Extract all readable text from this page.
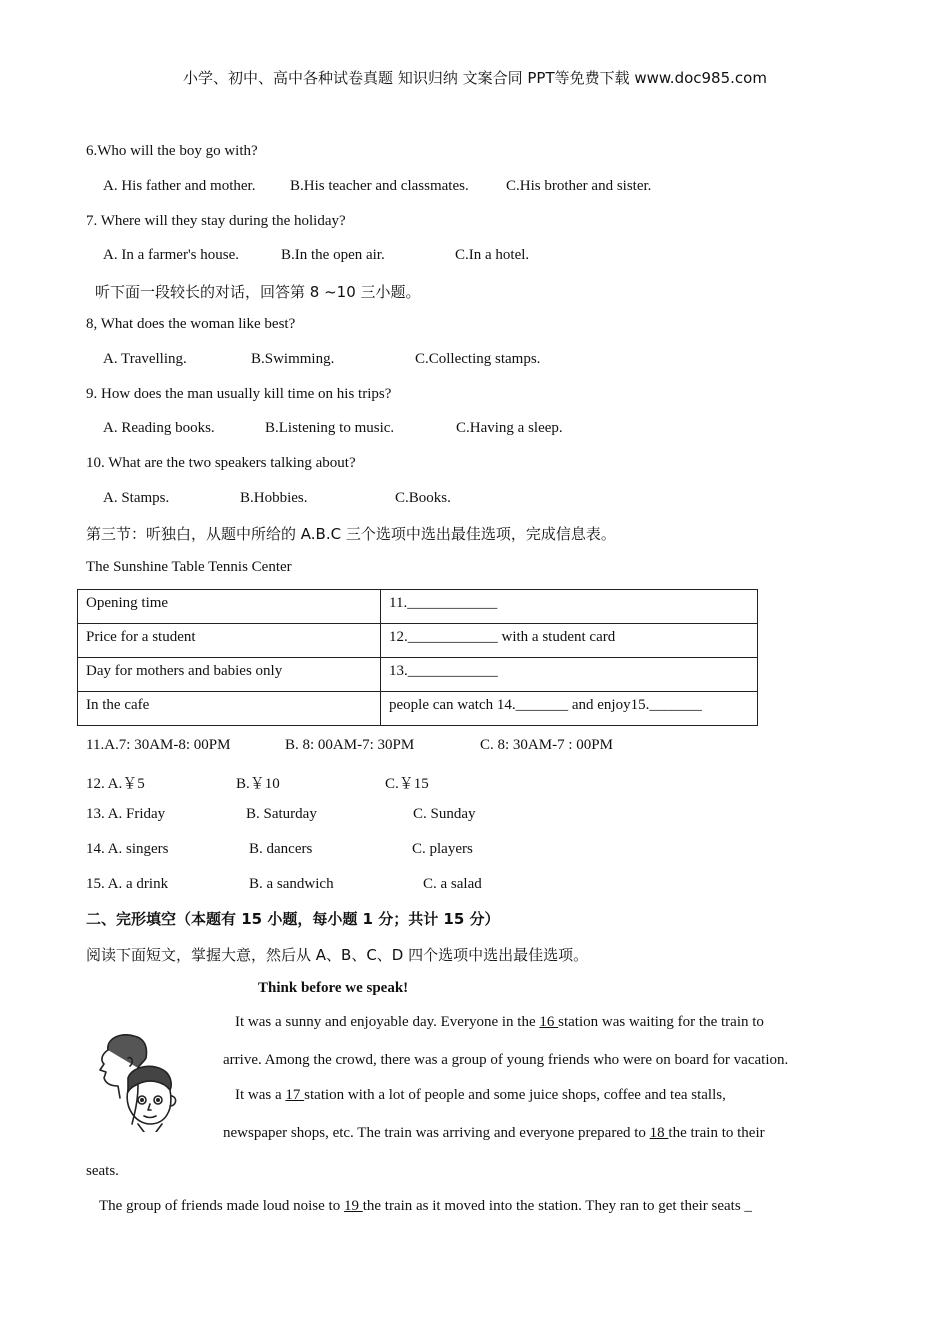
小学、初中、高中各种试卷真题 知识归纳 文案合同 PPT等免费下载 www.doc985.com
6.Who will the boy go with?
A. His father and mother. B.His teacher and classmates. C.His brother and sister.
7. Where will they stay during the holiday?
A. In a farmer's house.	B.In the open air.	C.In a hotel.
听下面一段较长的对话，回答第 8 ~10 三小题。
8, What does the woman like best?
A. Travelling.	B.Swimming.	C.Collecting stamps.
9. How does the man usually kill time on his trips?
A. Reading books.	B.Listening to music.	C.Having a sleep.
10. What are the two speakers talking about?
A. Stamps.	B.Hobbies.	C.Books.
第三节：听独白，从题中所给的 A.B.C 三个选项中选出最佳选项，完成信息表。
The Sunshine Table Tennis Center
Opening time	11.____________
Price for a student	12.____________ with a student card
Day for mothers and babies only	13.____________
In the cafe	people can watch 14._______ and enjoy15._______
11.A.7: 30AM-8: 00PM	B. 8: 00AM-7: 30PM	C. 8: 30AM-7 : 00PM
12. A.￥5	B.￥10	C.￥15
13. A. Friday	B. Saturday	C. Sunday
14. A. singers	B. dancers	C. players
15. A. a drink	B. a sandwich	C. a salad
二、完形填空（本题有 15 小题，每小题 1 分；共计 15 分）
阅读下面短文，掌握大意，然后从 A、B、C、D 四个选项中选出最佳选项。
Think before we speak!
It was a sunny and enjoyable day. Everyone in the 16 station was waiting for the train to
arrive. Among the crowd, there was a group of young friends who were on board for vacation.
It was a 17 station with a lot of people and some juice shops, coffee and tea stalls,
newspaper shops, etc. The train was arriving and everyone prepared to 18 the train to their
seats.
The group of friends made loud noise to 19 the train as it moved into the station. They ran to get their seats _
